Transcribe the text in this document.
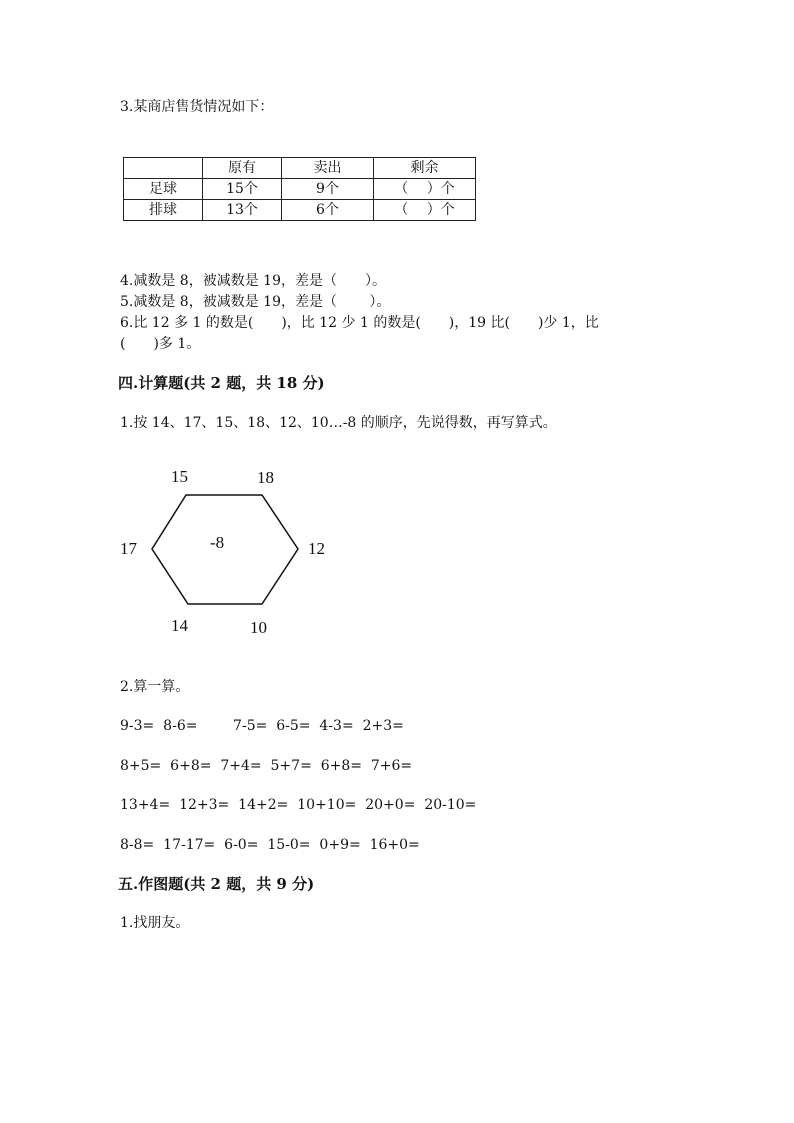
3.某商店售货情况如下：
	原有	卖出	剩余
足球	15个	9个	（　 ）个
排球	13个	6个	（　 ）个
4.减数是 8，被减数是 19，差是（　　）。
5.减数是 8，被减数是 19，差是（　　 ）。
6.比 12 多 1 的数是(　　)，比 12 少 1 的数是(　　)，19 比(　　)少 1，比
(　　)多 1。
四.计算题(共 2 题，共 18 分)
1.按 14、17、15、18、12、10…-8 的顺序，先说得数，再写算式。
-8
15	18
17	12
14	10
2.算一算。
9-3=  8-6=        7-5=  6-5=  4-3=  2+3=
8+5=  6+8=  7+4=  5+7=  6+8=  7+6=
13+4=  12+3=  14+2=  10+10=  20+0=  20-10=
8-8=  17-17=  6-0=  15-0=  0+9=  16+0=
五.作图题(共 2 题，共 9 分)
1.找朋友。
